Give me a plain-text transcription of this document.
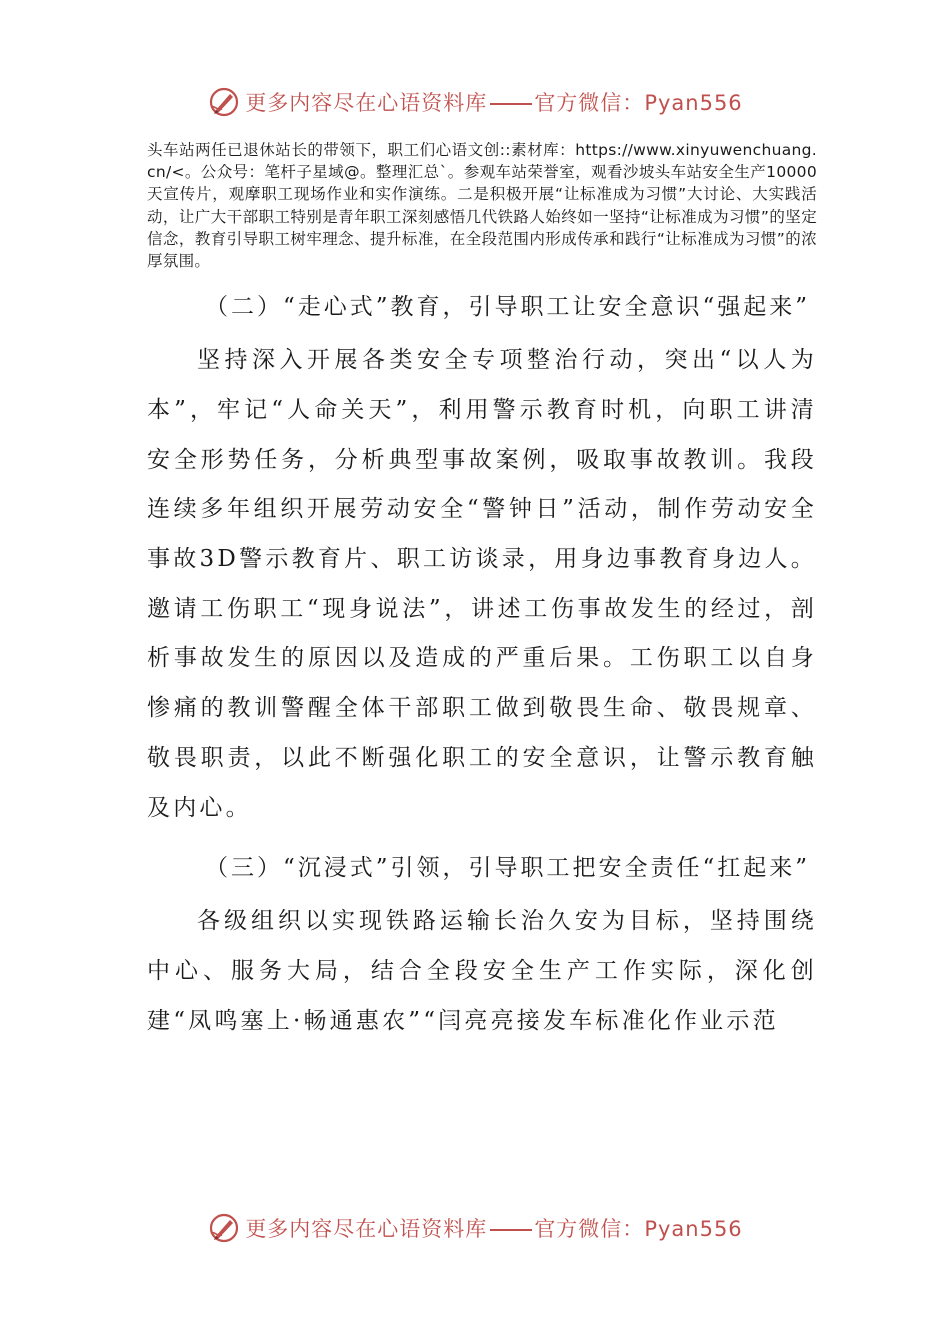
更多内容尽在心语资料库 官方微信：Pyan556

头车站两任已退休站长的带领下，职工们心语文创::素材库：https://www.xinyuwenchuang.cn/<。公众号：笔杆子星域@。整理汇总`。参观车站荣誉室，观看沙坡头车站安全生产10000天宣传片，观摩职工现场作业和实作演练。二是积极开展“让标准成为习惯”大讨论、大实践活动，让广大干部职工特别是青年职工深刻感悟几代铁路人始终如一坚持“让标准成为习惯”的坚定信念，教育引导职工树牢理念、提升标准，在全段范围内形成传承和践行“让标准成为习惯”的浓厚氛围。

（二）“走心式”教育，引导职工让安全意识“强起来”

坚持深入开展各类安全专项整治行动，突出“以人为本”，牢记“人命关天”，利用警示教育时机，向职工讲清安全形势任务，分析典型事故案例，吸取事故教训。我段连续多年组织开展劳动安全“警钟日”活动，制作劳动安全事故3D警示教育片、职工访谈录，用身边事教育身边人。邀请工伤职工“现身说法”，讲述工伤事故发生的经过，剖析事故发生的原因以及造成的严重后果。工伤职工以自身惨痛的教训警醒全体干部职工做到敬畏生命、敬畏规章、敬畏职责，以此不断强化职工的安全意识，让警示教育触及内心。

（三）“沉浸式”引领，引导职工把安全责任“扛起来”

各级组织以实现铁路运输长治久安为目标，坚持围绕中心、服务大局，结合全段安全生产工作实际，深化创建“凤鸣塞上·畅通惠农”“闫亮亮接发车标准化作业示范

更多内容尽在心语资料库 官方微信：Pyan556
